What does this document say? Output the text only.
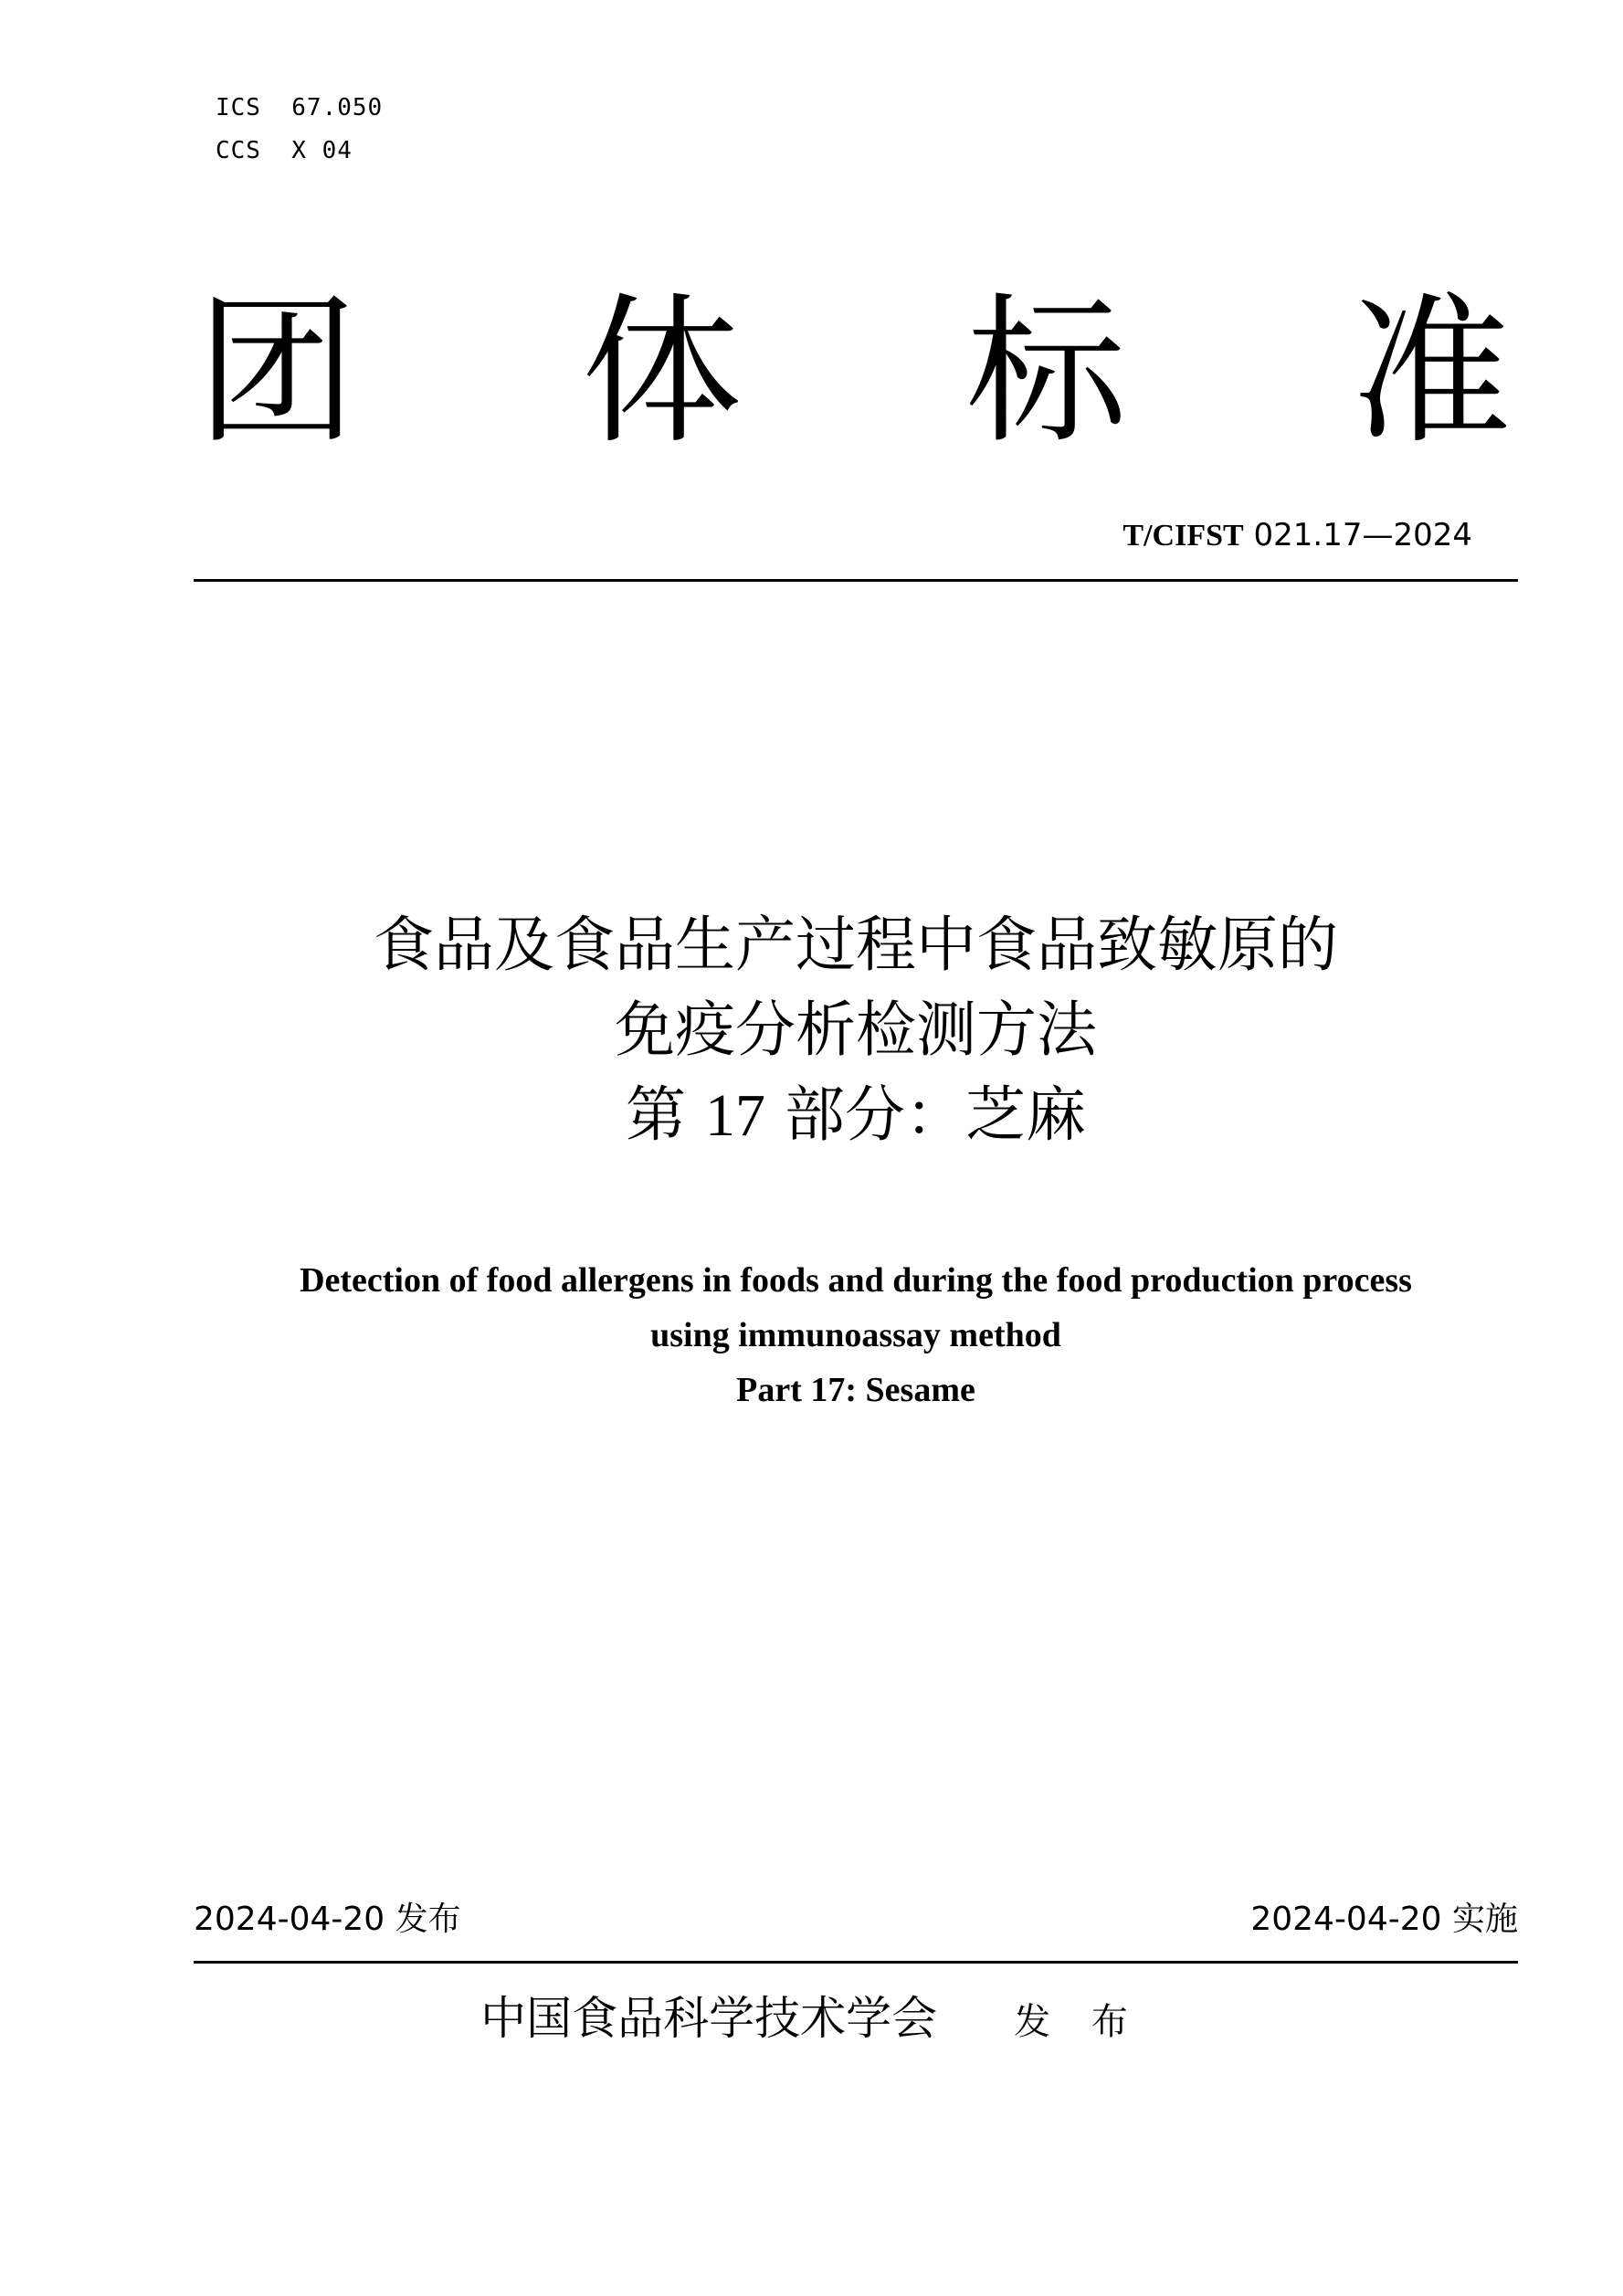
ICS  67.050
CCS  X 04
团 体 标 准
T/CIFST 021.17—2024
食品及食品生产过程中食品致敏原的
免疫分析检测方法
第 17 部分：芝麻
Detection of food allergens in foods and during the food production process
using immunoassay method
Part 17: Sesame
2024-04-20 发布	2024-04-20 实施
中国食品科学技术学会 发 布
